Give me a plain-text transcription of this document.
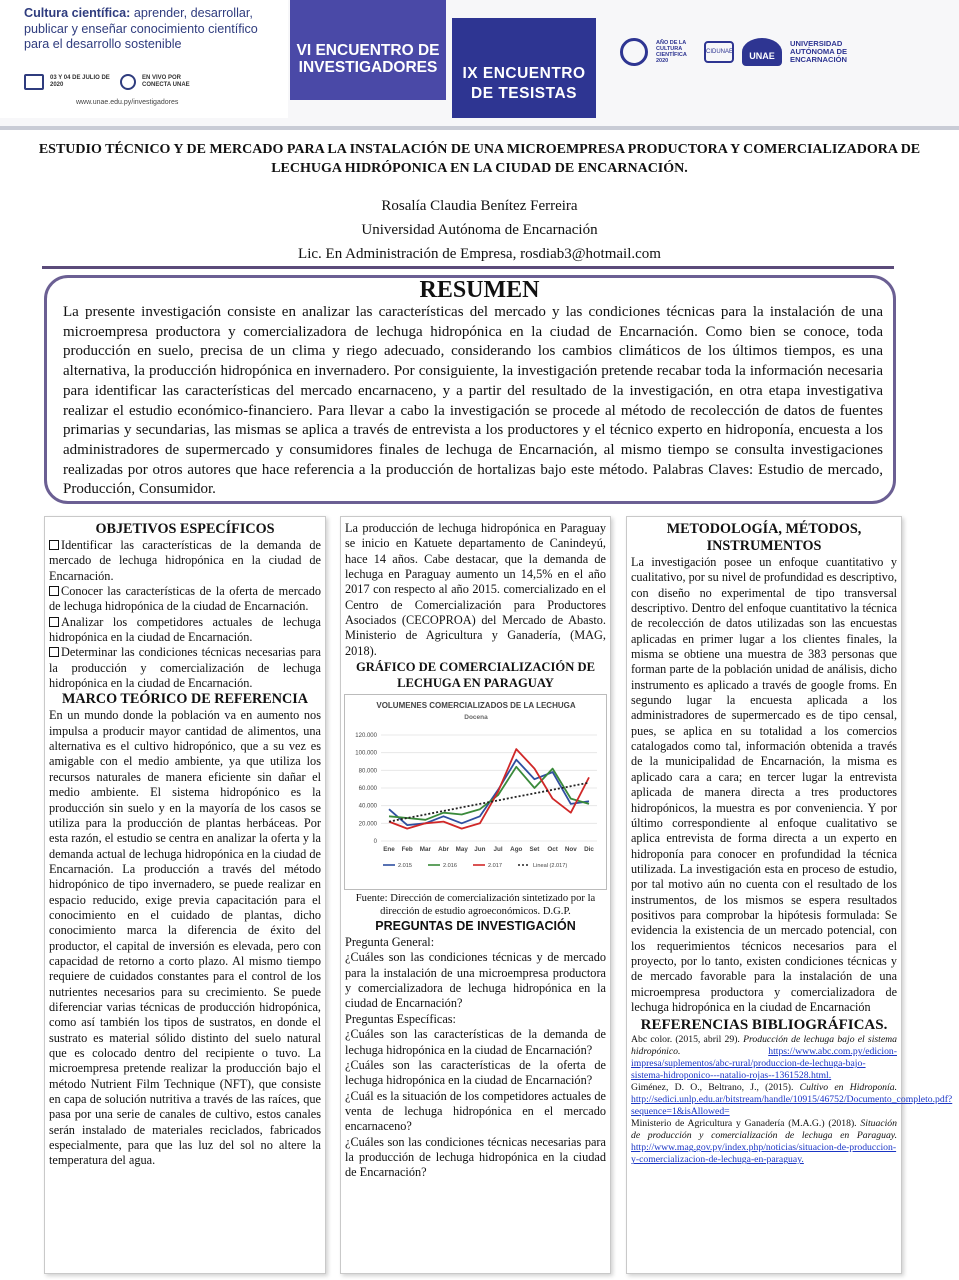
Cultura científica: aprender, desarrollar, publicar y enseñar conocimiento científico para el desarrollo sostenible
03 Y 04 DE JULIO DE 2020
EN VIVO POR CONECTA UNAE
www.unae.edu.py/investigadores
VI ENCUENTRO DE INVESTIGADORES	IX ENCUENTRO DE TESISTAS
AÑO DE LA CULTURA CIENTÍFICA 2020
CIDUNAE	UNAE
UNIVERSIDAD AUTÓNOMA DE ENCARNACIÓN
ESTUDIO TÉCNICO Y DE MERCADO PARA LA INSTALACIÓN DE UNA MICROEMPRESA PRODUCTORA Y COMERCIALIZADORA DE LECHUGA HIDRÓPONICA EN LA CIUDAD DE ENCARNACIÓN.
Rosalía Claudia Benítez Ferreira
Universidad Autónoma de Encarnación
Lic. En Administración de Empresa, rosdiab3@hotmail.com
RESUMEN
La presente investigación consiste en analizar las características del mercado y las condiciones técnicas para la instalación de una microempresa productora y comercializadora de lechuga hidropónica en la ciudad de Encarnación. Como bien se conoce, toda producción en suelo, precisa de un clima y riego adecuado, considerando los cambios climáticos de los últimos tiempos, es una alternativa, la producción hidropónica en invernadero. Por consiguiente, la investigación pretende recabar toda la información necesaria para identificar las características del mercado encarnaceno, y a partir del resultado de la investigación, en otra etapa investigativa realizar el estudio económico-financiero. Para llevar a cabo la investigación se procede al método de recolección de datos de fuentes primarias y secundarias, las mismas se aplica a través de entrevista a los productores y el técnico experto en hidroponía, encuesta a los administradores de supermercado y consumidores finales de lechuga de Encarnación, al mismo tiempo se consulta investigaciones realizadas por otros autores que hace referencia a la producción de hortalizas bajo este método. Palabras Claves: Estudio de mercado, Producción, Consumidor.
OBJETIVOS ESPECÍFICOS
Identificar las características de la demanda de mercado de lechuga hidropónica en la ciudad de Encarnación.
Conocer las características de la oferta de mercado de lechuga hidropónica de la ciudad de Encarnación.
Analizar los competidores actuales de lechuga hidropónica en la ciudad de Encarnación.
Determinar las condiciones técnicas necesarias para la producción y comercialización de lechuga hidropónica en la ciudad de Encarnación.
MARCO TEÓRICO DE REFERENCIA
En un mundo donde la población va en aumento nos impulsa a producir mayor cantidad de alimentos, una alternativa es el cultivo hidropónico, que a su vez es amigable con el medio ambiente, ya que utiliza los recursos naturales de manera eficiente sin dañar el medio ambiente. El sistema hidropónico es la producción sin suelo y en la mayoría de los casos se utiliza para la producción de plantas herbáceas. Por esta razón, el estudio se centra en analizar la oferta y la demanda actual de lechuga hidropónica en la ciudad de Encarnación. La producción a través del método hidropónico de tipo invernadero, se puede realizar en espacio reducido, exige previa capacitación para el conocimiento en el cuidado de plantas, dicho conocimiento marca la diferencia de éxito del productor, el capital de inversión es elevada, pero con capacidad de retorno a corto plazo. Al mismo tiempo requiere de cuidados constantes para el control de los nutrientes necesarios para su crecimiento. Se puede diferenciar varias técnicas de producción hidropónica, como así también los tipos de sustratos, en donde el sustrato es material sólido distinto del suelo natural que es colocado dentro del recipiente o tuvo. La microempresa pretende realizar la producción bajo el método Nutrient Film Technique (NFT), que consiste en capa de solución nutritiva a través de las raíces, que pasa por una serie de canales de cultivo, estos canales serán instalado de materiales reciclados, fabricados especialmente, para que las luz del sol no altere la temperatura del agua.
La producción de lechuga hidropónica en Paraguay se inicio en Katuete departamento de Canindeyú, hace 14 años. Cabe destacar, que la demanda de lechuga en Paraguay aumento un 14,5% en el año 2017 con respecto al año 2015. comercializado en el Centro de Comercialización para Productores Asociados (CECOPROA) del Mercado de Abasto. Ministerio de Agricultura y Ganadería, (MAG, 2018).
GRÁFICO DE COMERCIALIZACIÓN DE LECHUGA EN PARAGUAY
VOLUMENES COMERCIALIZADOS DE LA LECHUGA
Docena
0
20.000
40.000
60.000
80.000
100.000
120.000
Ene Feb Mar Abr May Jun Jul Ago Set Oct Nov Dic
2.015	2.016	2.017	Lineal (2.017)
Fuente: Dirección de comercialización sintetizado por la dirección de estudio agroeconómicos. D.G.P.
PREGUNTAS DE INVESTIGACIÓN
Pregunta General:
¿Cuáles son las condiciones técnicas y de mercado para la instalación de una microempresa productora y comercializadora de lechuga hidropónica en la ciudad de Encarnación?
Preguntas Específicas:
¿Cuáles son las características de la demanda de lechuga hidropónica en la ciudad de Encarnación?
¿Cuáles son las características de la oferta de lechuga hidropónica en la ciudad de Encarnación?
¿Cuál es la situación de los competidores actuales de venta de lechuga hidropónica en el mercado encarnaceno?
¿Cuáles son las condiciones técnicas necesarias para la producción de lechuga hidropónica en la ciudad de Encarnación?
METODOLOGÍA, MÉTODOS, INSTRUMENTOS
La investigación posee un enfoque cuantitativo y cualitativo, por su nivel de profundidad es descriptivo, con diseño no experimental de tipo transversal descriptivo. Dentro del enfoque cuantitativo la técnica de recolección de datos utilizadas son las encuestas aplicadas en primer lugar a los clientes finales, la misma se obtiene una muestra de 383 personas que forman parte de la población unidad de análisis, dicho instrumento es aplicado a través de google froms. En segundo lugar la encuesta aplicada a los administradores de supermercado es de tipo censal, pues, se aplica en su totalidad a los comercios catalogados como tal, información obtenida a través de la municipalidad de Encarnación, la misma es aplicado cara a cara; en tercer lugar la entrevista aplicada de manera directa a tres productores hidropónicos, la muestra es por conveniencia. Y por último correspondiente al enfoque cualitativo se aplica entrevista de forma directa a un experto en hidroponía para conocer en profundidad la técnica utilizada. La investigación esta en proceso de estudio, por tal motivo aún no cuenta con el resultado de los instrumentos, de los mismos se espera resultados positivos para comprobar la hipótesis formulada: Se evidencia la existencia de un mercado potencial, con los requerimientos técnicos necesarios para el proyecto, por lo tanto, existen condiciones técnicas y de mercado favorable para la instalación de una microempresa productora y comercializadora de lechuga hidropónica en la ciudad de Encarnación
REFERENCIAS BIBLIOGRÁFICAS.
Abc color. (2015, abril 29). Producción de lechuga bajo el sistema hidropónico.	https://www.abc.com.py/edicion-impresa/suplementos/abc-rural/produccion-de-lechuga-bajo-sistema-hidroponico---natalio-rojas--1361528.html.
Giménez, D. O., Beltrano, J., (2015). Cultivo en Hidroponía. http://sedici.unlp.edu.ar/bitstream/handle/10915/46752/Documento_completo.pdf?sequence=1&isAllowed=
Ministerio de Agricultura y Ganadería (M.A.G.) (2018). Situación de producción y comercialización de lechuga en Paraguay. http://www.mag.gov.py/index.php/noticias/situacion-de-produccion-y-comercializacion-de-lechuga-en-paraguay.
